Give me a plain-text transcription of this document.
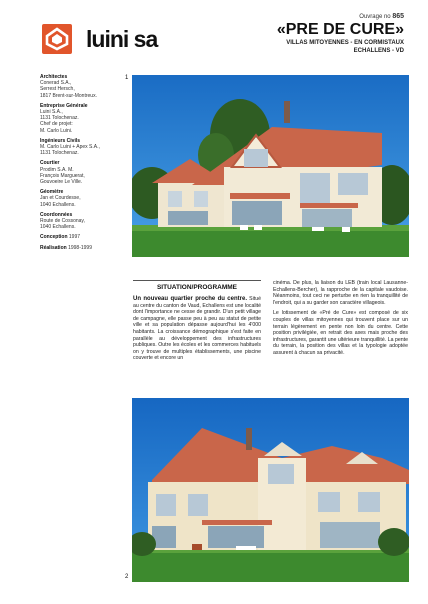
luini sa
Ouvrage no 865
«PRE DE CURE»
VILLAS MITOYENNES - EN CORMISTAUX
ECHALLENS - VD
Architectes
Conerad S.A.,
Serrest Hersch,
1817 Brent-sur-Montreux.
Entreprise Générale
Luini S.A.,
1131 Tolochenaz.
Chef de projet:
M. Carlo Luini.
Ingénieurs Civils
M. Carlo Luini + Apex S.A.,
1131 Tolochenaz.
Courtier
Prodim S.A. M.
François Marguerat,
Gouvoeire Le Ville.
Géomètre
Jan et Courdesse,
1040 Echallens.
Coordonnées
Route de Cossonay,
1040 Echallens.
Conception 1997
Réalisation 1998-1999
1
SITUATION/PROGRAMME

Un nouveau quartier proche du centre. Situé au centre du canton de Vaud, Echallens est une localité dont l'importance ne cesse de grandir. D'un petit village de campagne, elle passe peu à peu au statut de petite ville et sa population dépasse aujourd'hui les 4'000 habitants. La croissance démographique s'est faite en parallèle au développement des infrastructures publiques. Outre les écoles et les commerces habituels on y trouve de multiples établissements, une piscine couverte et encore un

cinéma. De plus, la liaison du LEB (train local Lausanne-Echallens-Bercher), la rapproche de la capitale vaudoise. Néanmoins, tout ceci ne perturbe en rien la tranquillité de l'endroit, qui a su garder son caractère villageois.

Le lotissement de «Pré de Cure» est composé de six couples de villas mitoyennes qui trouvent place sur un terrain légèrement en pente non loin du centre. Cette position privilégiée, en retrait des axes mais proche des infrastructures, garantit une ultérieure tranquillité. La pente du terrain, la position des villas et la typologie adoptée assurent à chacun sa privacité.

2
